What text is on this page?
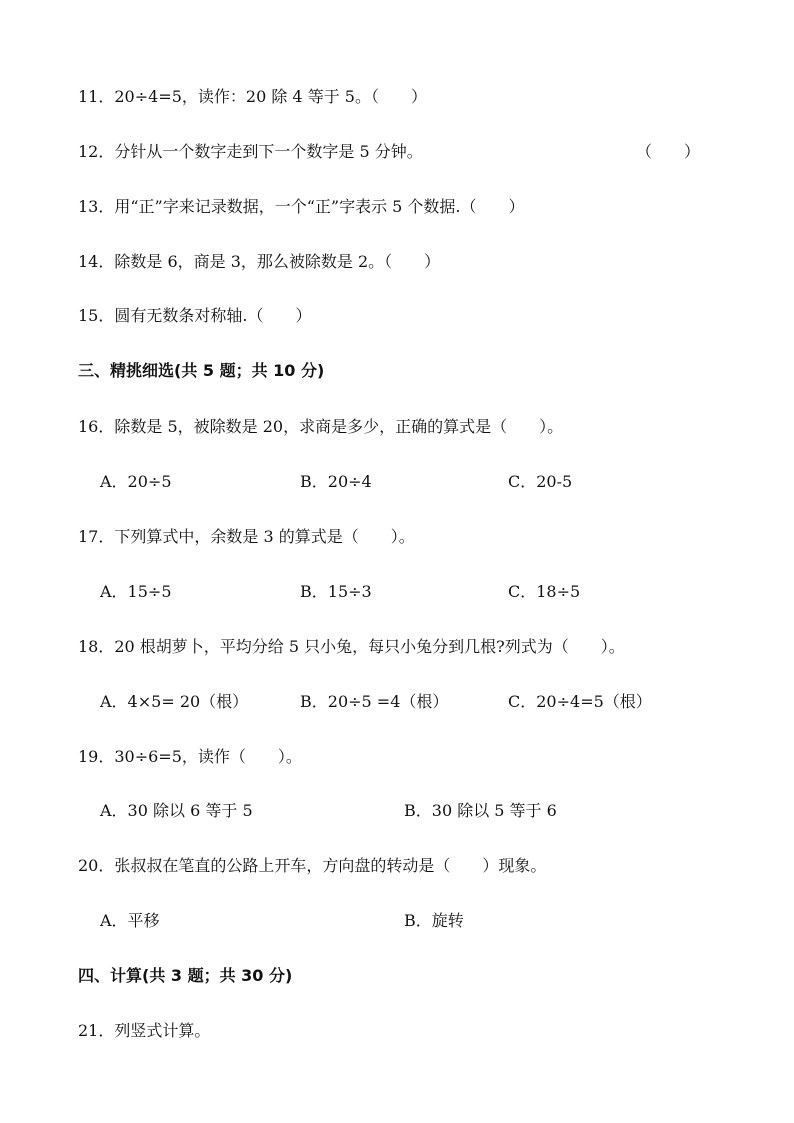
11．20÷4=5，读作：20 除 4 等于 5。（　　）
12．分针从一个数字走到下一个数字是 5 分钟。	（　　）
13．用“正”字来记录数据，一个“正”字表示 5 个数据.（　　）
14．除数是 6，商是 3，那么被除数是 2。（　　）
15．圆有无数条对称轴.（　　）
三、精挑细选(共 5 题；共 10 分)
16．除数是 5，被除数是 20，求商是多少，正确的算式是（　　）。
A．20÷5	B．20÷4	C．20-5
17．下列算式中，余数是 3 的算式是（　　）。
A．15÷5	B．15÷3	C．18÷5
18．20 根胡萝卜，平均分给 5 只小兔，每只小兔分到几根?列式为（　　）。
A．4×5= 20（根）	B．20÷5 =4（根）	C．20÷4=5（根）
19．30÷6=5，读作（　　）。
A．30 除以 6 等于 5	B．30 除以 5 等于 6
20．张叔叔在笔直的公路上开车，方向盘的转动是（　　）现象。
A．平移	B．旋转
四、计算(共 3 题；共 30 分)
21．列竖式计算。
